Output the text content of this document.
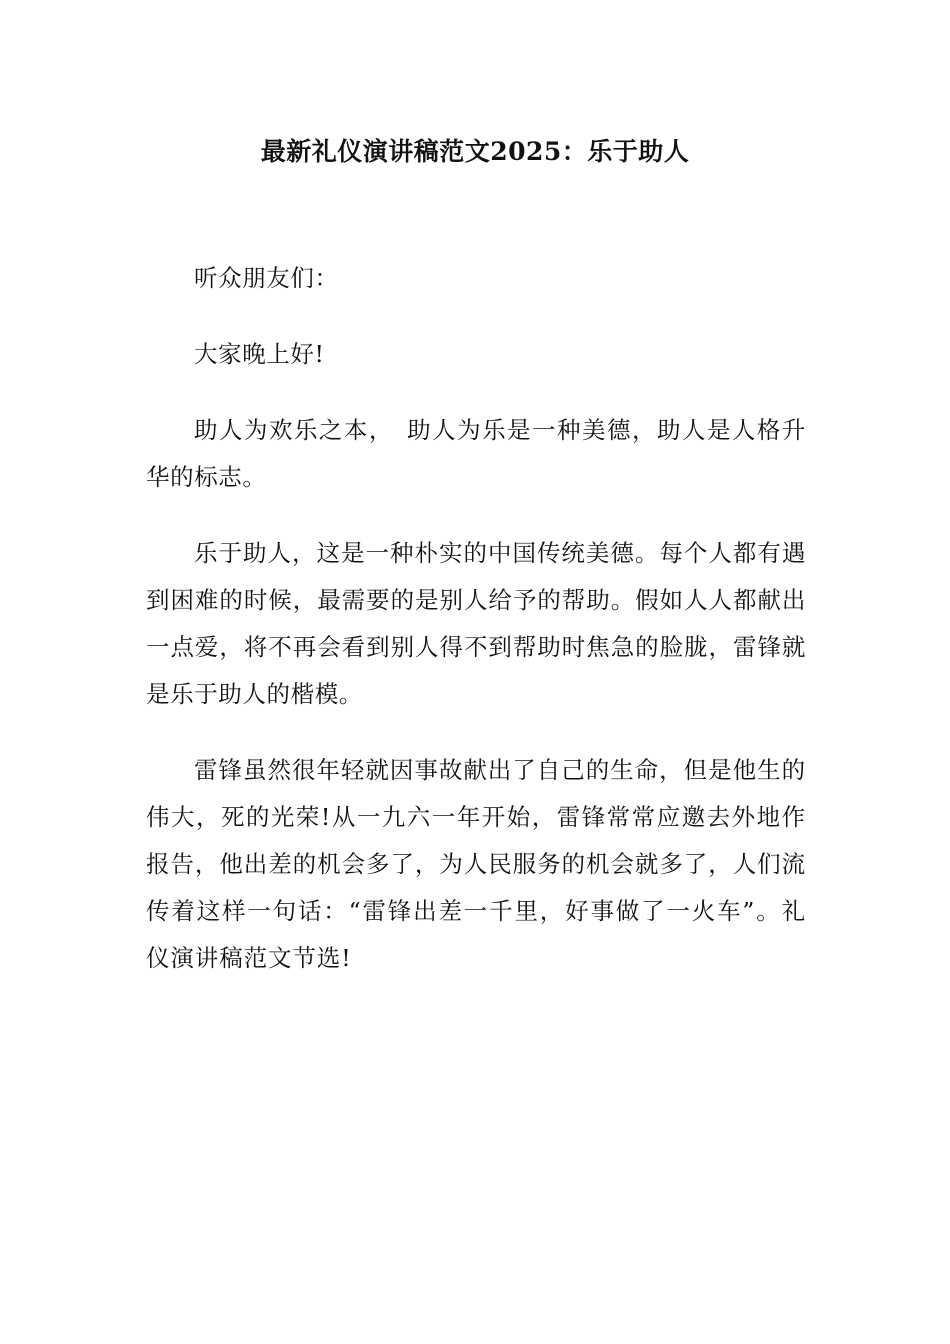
最新礼仪演讲稿范文2025：乐于助人

听众朋友们：

大家晚上好!

助人为欢乐之本，　助人为乐是一种美德，助人是人格升华的标志。

乐于助人，这是一种朴实的中国传统美德。每个人都有遇到困难的时候，最需要的是别人给予的帮助。假如人人都献出一点爱，将不再会看到别人得不到帮助时焦急的脸胧，雷锋就是乐于助人的楷模。

雷锋虽然很年轻就因事故献出了自己的生命，但是他生的伟大，死的光荣!从一九六一年开始，雷锋常常应邀去外地作报告，他出差的机会多了，为人民服务的机会就多了，人们流传着这样一句话：“雷锋出差一千里，好事做了一火车”。礼仪演讲稿范文节选!
